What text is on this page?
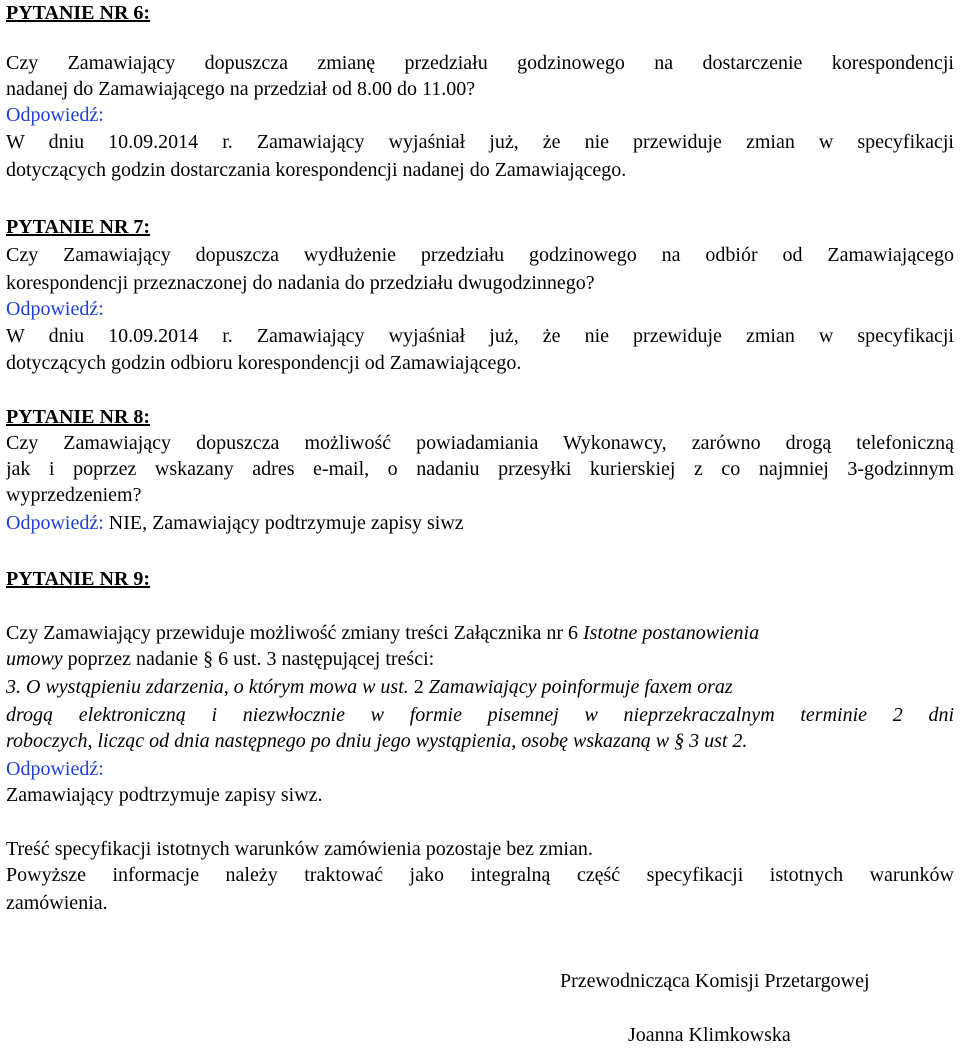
PYTANIE NR 6:
Czy Zamawiający dopuszcza zmianę przedziału godzinowego na dostarczenie korespondencji
nadanej do Zamawiającego na przedział od 8.00 do 11.00?
Odpowiedź:
W dniu 10.09.2014 r. Zamawiający wyjaśniał już, że nie przewiduje zmian w specyfikacji
dotyczących godzin dostarczania korespondencji nadanej do Zamawiającego.
PYTANIE NR 7:
Czy Zamawiający dopuszcza wydłużenie przedziału godzinowego na odbiór od Zamawiającego
korespondencji przeznaczonej do nadania do przedziału dwugodzinnego?
Odpowiedź:
W dniu 10.09.2014 r. Zamawiający wyjaśniał już, że nie przewiduje zmian w specyfikacji
dotyczących godzin odbioru korespondencji od Zamawiającego.
PYTANIE NR 8:
Czy Zamawiający dopuszcza możliwość powiadamiania Wykonawcy, zarówno drogą telefoniczną
jak i poprzez wskazany adres e-mail, o nadaniu przesyłki kurierskiej z co najmniej 3-godzinnym
wyprzedzeniem?
Odpowiedź: NIE, Zamawiający podtrzymuje zapisy siwz
PYTANIE NR 9:
Czy Zamawiający przewiduje możliwość zmiany treści Załącznika nr 6 Istotne postanowienia
umowy poprzez nadanie § 6 ust. 3 następującej treści:
3. O wystąpieniu zdarzenia, o którym mowa w ust. 2 Zamawiający poinformuje faxem oraz
drogą elektroniczną i niezwłocznie w formie pisemnej w nieprzekraczalnym terminie 2 dni
roboczych, licząc od dnia następnego po dniu jego wystąpienia, osobę wskazaną w § 3 ust 2.
Odpowiedź:
Zamawiający podtrzymuje zapisy siwz.
Treść specyfikacji istotnych warunków zamówienia pozostaje bez zmian.
Powyższe informacje należy traktować jako integralną część specyfikacji istotnych warunków
zamówienia.
Przewodnicząca Komisji Przetargowej
Joanna Klimkowska
